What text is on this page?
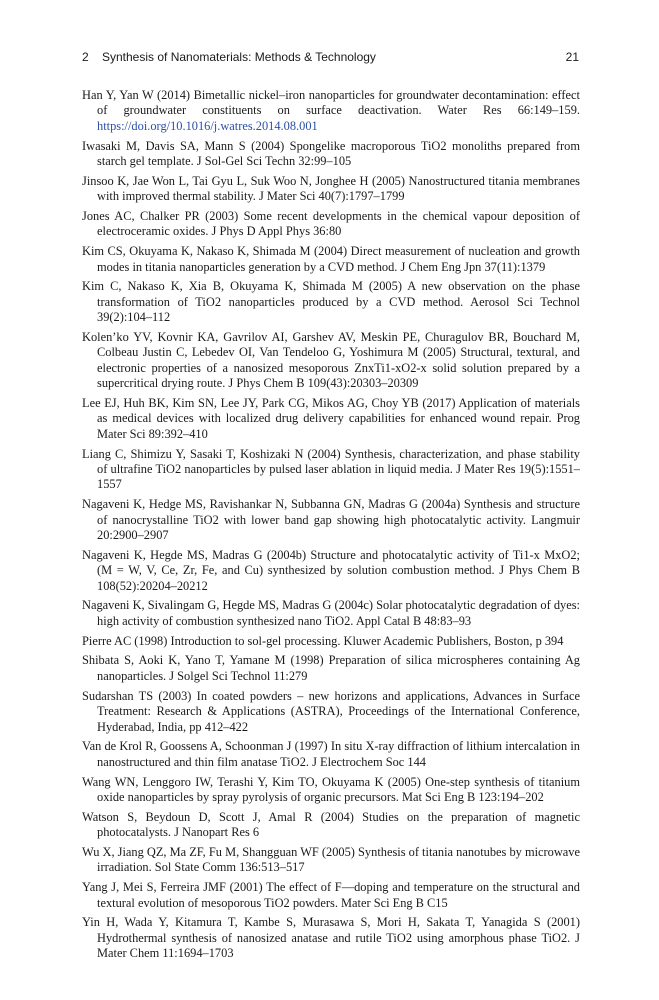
2 Synthesis of Nanomaterials: Methods & Technology	21
Han Y, Yan W (2014) Bimetallic nickel–iron nanoparticles for groundwater decontamination: effect of groundwater constituents on surface deactivation. Water Res 66:149–159. https://doi.org/10.1016/j.watres.2014.08.001
Iwasaki M, Davis SA, Mann S (2004) Spongelike macroporous TiO2 monoliths prepared from starch gel template. J Sol-Gel Sci Techn 32:99–105
Jinsoo K, Jae Won L, Tai Gyu L, Suk Woo N, Jonghee H (2005) Nanostructured titania membranes with improved thermal stability. J Mater Sci 40(7):1797–1799
Jones AC, Chalker PR (2003) Some recent developments in the chemical vapour deposition of electroceramic oxides. J Phys D Appl Phys 36:80
Kim CS, Okuyama K, Nakaso K, Shimada M (2004) Direct measurement of nucleation and growth modes in titania nanoparticles generation by a CVD method. J Chem Eng Jpn 37(11):1379
Kim C, Nakaso K, Xia B, Okuyama K, Shimada M (2005) A new observation on the phase transformation of TiO2 nanoparticles produced by a CVD method. Aerosol Sci Technol 39(2):104–112
Kolen’ko YV, Kovnir KA, Gavrilov AI, Garshev AV, Meskin PE, Churagulov BR, Bouchard M, Colbeau Justin C, Lebedev OI, Van Tendeloo G, Yoshimura M (2005) Structural, textural, and electronic properties of a nanosized mesoporous ZnxTi1-xO2-x solid solution prepared by a supercritical drying route. J Phys Chem B 109(43):20303–20309
Lee EJ, Huh BK, Kim SN, Lee JY, Park CG, Mikos AG, Choy YB (2017) Application of materials as medical devices with localized drug delivery capabilities for enhanced wound repair. Prog Mater Sci 89:392–410
Liang C, Shimizu Y, Sasaki T, Koshizaki N (2004) Synthesis, characterization, and phase stability of ultrafine TiO2 nanoparticles by pulsed laser ablation in liquid media. J Mater Res 19(5):1551–1557
Nagaveni K, Hedge MS, Ravishankar N, Subbanna GN, Madras G (2004a) Synthesis and structure of nanocrystalline TiO2 with lower band gap showing high photocatalytic activity. Langmuir 20:2900–2907
Nagaveni K, Hegde MS, Madras G (2004b) Structure and photocatalytic activity of Ti1-x MxO2; (M = W, V, Ce, Zr, Fe, and Cu) synthesized by solution combustion method. J Phys Chem B 108(52):20204–20212
Nagaveni K, Sivalingam G, Hegde MS, Madras G (2004c) Solar photocatalytic degradation of dyes: high activity of combustion synthesized nano TiO2. Appl Catal B 48:83–93
Pierre AC (1998) Introduction to sol-gel processing. Kluwer Academic Publishers, Boston, p 394
Shibata S, Aoki K, Yano T, Yamane M (1998) Preparation of silica microspheres containing Ag nanoparticles. J Solgel Sci Technol 11:279
Sudarshan TS (2003) In coated powders – new horizons and applications, Advances in Surface Treatment: Research & Applications (ASTRA), Proceedings of the International Conference, Hyderabad, India, pp 412–422
Van de Krol R, Goossens A, Schoonman J (1997) In situ X-ray diffraction of lithium intercalation in nanostructured and thin film anatase TiO2. J Electrochem Soc 144
Wang WN, Lenggoro IW, Terashi Y, Kim TO, Okuyama K (2005) One-step synthesis of titanium oxide nanoparticles by spray pyrolysis of organic precursors. Mat Sci Eng B 123:194–202
Watson S, Beydoun D, Scott J, Amal R (2004) Studies on the preparation of magnetic photocatalysts. J Nanopart Res 6
Wu X, Jiang QZ, Ma ZF, Fu M, Shangguan WF (2005) Synthesis of titania nanotubes by microwave irradiation. Sol State Comm 136:513–517
Yang J, Mei S, Ferreira JMF (2001) The effect of F—doping and temperature on the structural and textural evolution of mesoporous TiO2 powders. Mater Sci Eng B C15
Yin H, Wada Y, Kitamura T, Kambe S, Murasawa S, Mori H, Sakata T, Yanagida S (2001) Hydrothermal synthesis of nanosized anatase and rutile TiO2 using amorphous phase TiO2. J Mater Chem 11:1694–1703
